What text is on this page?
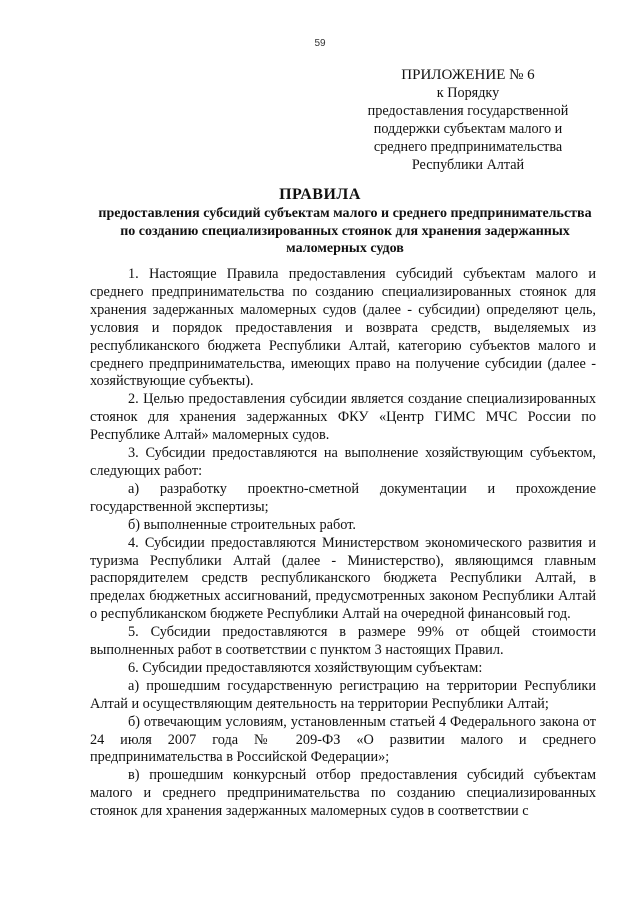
59
ПРИЛОЖЕНИЕ № 6
к Порядку
предоставления государственной
поддержки субъектам малого и
среднего предпринимательства
Республики Алтай
ПРАВИЛА
предоставления субсидий субъектам малого и среднего предпринимательства по созданию специализированных стоянок для хранения задержанных маломерных судов

1. Настоящие Правила предоставления субсидий субъектам малого и среднего предпринимательства по созданию специализированных стоянок для хранения задержанных маломерных судов (далее - субсидии) определяют цель, условия и порядок предоставления и возврата средств, выделяемых из республиканского бюджета Республики Алтай, категорию субъектов малого и среднего предпринимательства, имеющих право на получение субсидии (далее - хозяйствующие субъекты).

2. Целью предоставления субсидии является создание специализированных стоянок для хранения задержанных ФКУ «Центр ГИМС МЧС России по Республике Алтай» маломерных судов.

3. Субсидии предоставляются на выполнение хозяйствующим субъектом, следующих работ:

а) разработку проектно-сметной документации и прохождение государственной экспертизы;

б) выполненные строительных работ.

4. Субсидии предоставляются Министерством экономического развития и туризма Республики Алтай (далее - Министерство), являющимся главным распорядителем средств республиканского бюджета Республики Алтай, в пределах бюджетных ассигнований, предусмотренных законом Республики Алтай о республиканском бюджете Республики Алтай на очередной финансовый год.

5. Субсидии предоставляются в размере 99% от общей стоимости выполненных работ в соответствии с пунктом 3 настоящих Правил.

6. Субсидии предоставляются хозяйствующим субъектам:

а) прошедшим государственную регистрацию на территории Республики Алтай и осуществляющим деятельность на территории Республики Алтай;

б) отвечающим условиям, установленным статьей 4 Федерального закона от 24 июля 2007 года № 209-ФЗ «О развитии малого и среднего предпринимательства в Российской Федерации»;

в) прошедшим конкурсный отбор предоставления субсидий субъектам малого и среднего предпринимательства по созданию специализированных стоянок для хранения задержанных маломерных судов в соответствии с
